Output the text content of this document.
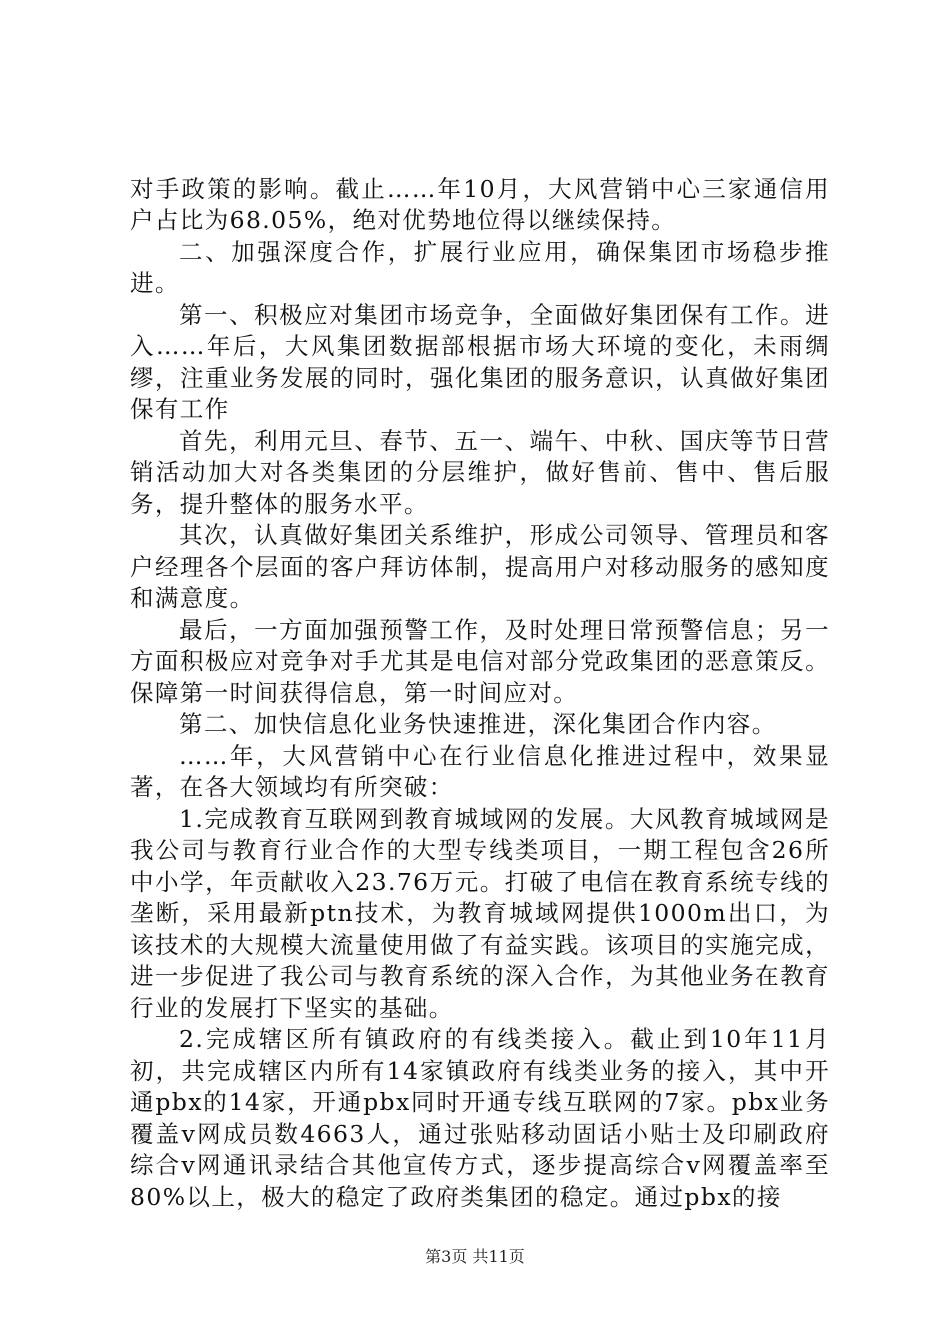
对手政策的影响。截止……年10月，大风营销中心三家通信用户占比为68.05%，绝对优势地位得以继续保持。

二、加强深度合作，扩展行业应用，确保集团市场稳步推进。

第一、积极应对集团市场竞争，全面做好集团保有工作。进入……年后，大风集团数据部根据市场大环境的变化，未雨绸缪，注重业务发展的同时，强化集团的服务意识，认真做好集团保有工作

首先，利用元旦、春节、五一、端午、中秋、国庆等节日营销活动加大对各类集团的分层维护，做好售前、售中、售后服务，提升整体的服务水平。

其次，认真做好集团关系维护，形成公司领导、管理员和客户经理各个层面的客户拜访体制，提高用户对移动服务的感知度和满意度。

最后，一方面加强预警工作，及时处理日常预警信息；另一方面积极应对竞争对手尤其是电信对部分党政集团的恶意策反。保障第一时间获得信息，第一时间应对。

第二、加快信息化业务快速推进，深化集团合作内容。

……年，大风营销中心在行业信息化推进过程中，效果显著，在各大领域均有所突破：

1.完成教育互联网到教育城域网的发展。大风教育城域网是我公司与教育行业合作的大型专线类项目，一期工程包含26所中小学，年贡献收入23.76万元。打破了电信在教育系统专线的垄断，采用最新ptn技术，为教育城域网提供1000m出口，为该技术的大规模大流量使用做了有益实践。该项目的实施完成，进一步促进了我公司与教育系统的深入合作，为其他业务在教育行业的发展打下坚实的基础。

2.完成辖区所有镇政府的有线类接入。截止到10年11月初，共完成辖区内所有14家镇政府有线类业务的接入，其中开通pbx的14家，开通pbx同时开通专线互联网的7家。pbx业务覆盖v网成员数4663人，通过张贴移动固话小贴士及印刷政府综合v网通讯录结合其他宣传方式，逐步提高综合v网覆盖率至80%以上，极大的稳定了政府类集团的稳定。通过pbx的接

第3页 共11页
